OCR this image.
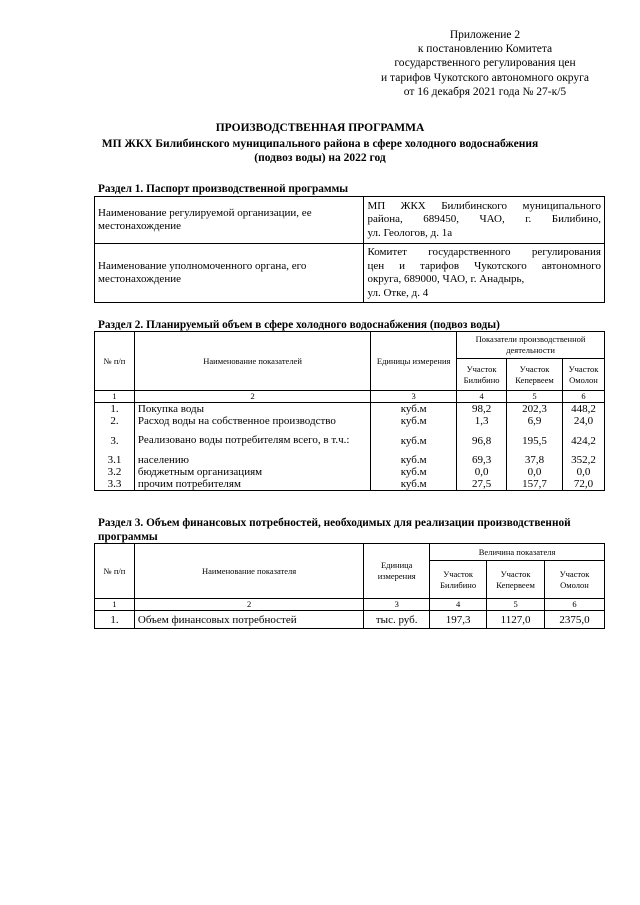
Приложение 2
к постановлению Комитета
государственного регулирования цен
и тарифов Чукотского автономного округа
от 16 декабря 2021 года № 27-к/5
ПРОИЗВОДСТВЕННАЯ ПРОГРАММА
МП ЖКХ Билибинского муниципального района в сфере холодного водоснабжения
(подвоз воды) на 2022 год
Раздел 1. Паспорт производственной программы
Наименование регулируемой организации, ее местонахождение	МП ЖКХ Билибинского муниципального
района, 689450, ЧАО, г. Билибино,
ул. Геологов, д. 1а

Наименование уполномоченного органа, его местонахождение	Комитет государственного регулирования
цен и тарифов Чукотского автономного
округа, 689000, ЧАО, г. Анадырь,
ул. Отке, д. 4
Раздел 2. Планируемый объем в сфере холодного водоснабжения (подвоз воды)
№ п/п	Наименование показателей	Единицы измерения	Показатели производственной деятельности		
			Участок Билибино	Участок Кепервеем	Участок Омолон
1	2	3	4	5	6
1.	Покупка воды	куб.м	98,2	202,3	448,2
2.	Расход воды на собственное производство	куб.м	1,3	6,9	24,0
3.	Реализовано воды потребителям всего, в т.ч.:	куб.м	96,8	195,5	424,2
3.1	населению	куб.м	69,3	37,8	352,2
3.2	бюджетным организациям	куб.м	0,0	0,0	0,0
3.3	прочим потребителям	куб.м	27,5	157,7	72,0
Раздел 3. Объем финансовых потребностей, необходимых для реализации производственной
программы
№ п/п	Наименование показателя	Единица измерения	Величина показателя		
			Участок Билибино	Участок Кепервеем	Участок Омолон
1	2	3	4	5	6
1.	Объем финансовых потребностей	тыс. руб.	197,3	1127,0	2375,0
